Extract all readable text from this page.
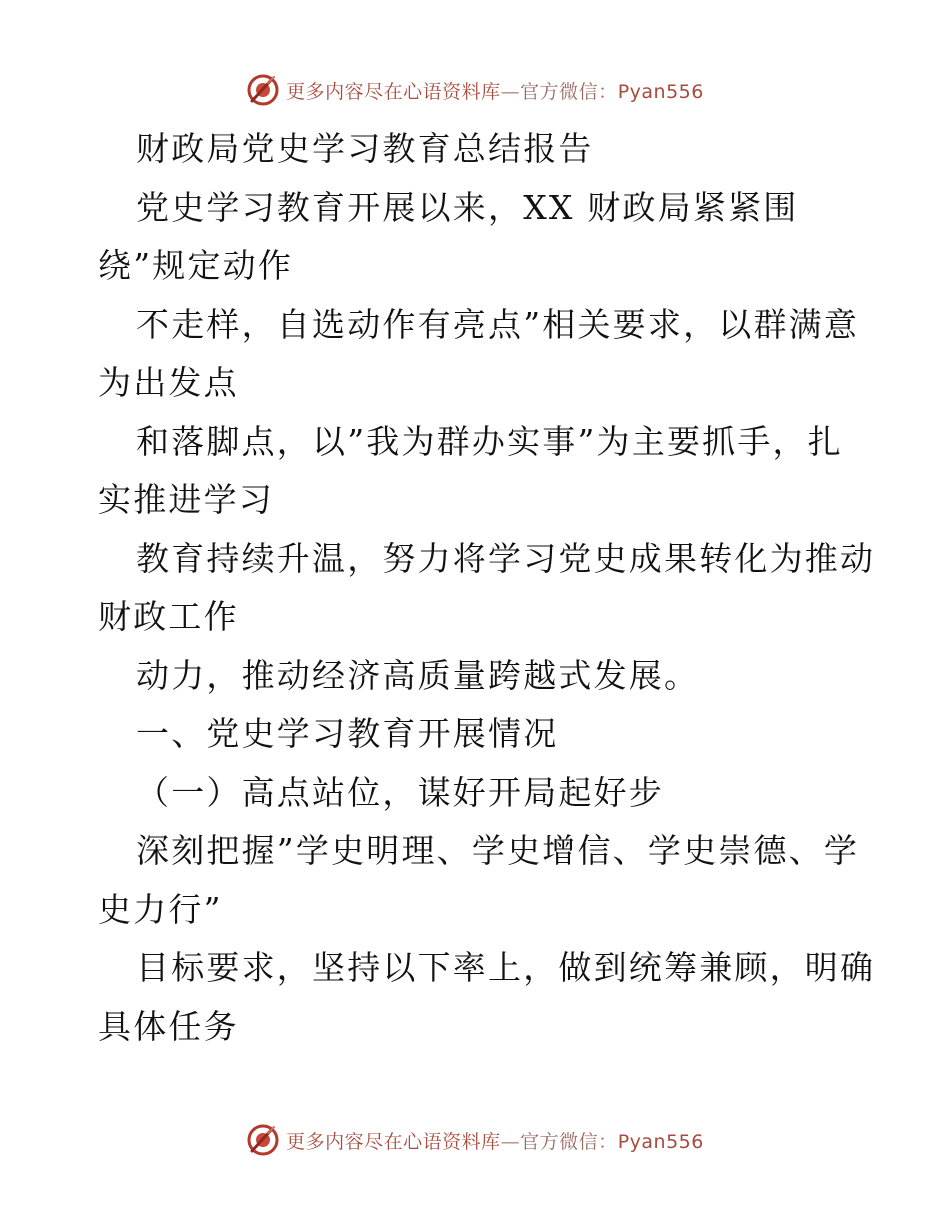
更多内容尽在心语资料库—官方微信：Pyan556
财政局党史学习教育总结报告
党史学习教育开展以来，XX 财政局紧紧围
绕”规定动作
不走样，自选动作有亮点”相关要求，以群满意
为出发点
和落脚点，以”我为群办实事”为主要抓手，扎
实推进学习
教育持续升温，努力将学习党史成果转化为推动
财政工作
动力，推动经济高质量跨越式发展。
一、党史学习教育开展情况
（一）高点站位，谋好开局起好步
深刻把握”学史明理、学史增信、学史崇德、学
史力行”
目标要求，坚持以下率上，做到统筹兼顾，明确
具体任务
更多内容尽在心语资料库—官方微信：Pyan556
